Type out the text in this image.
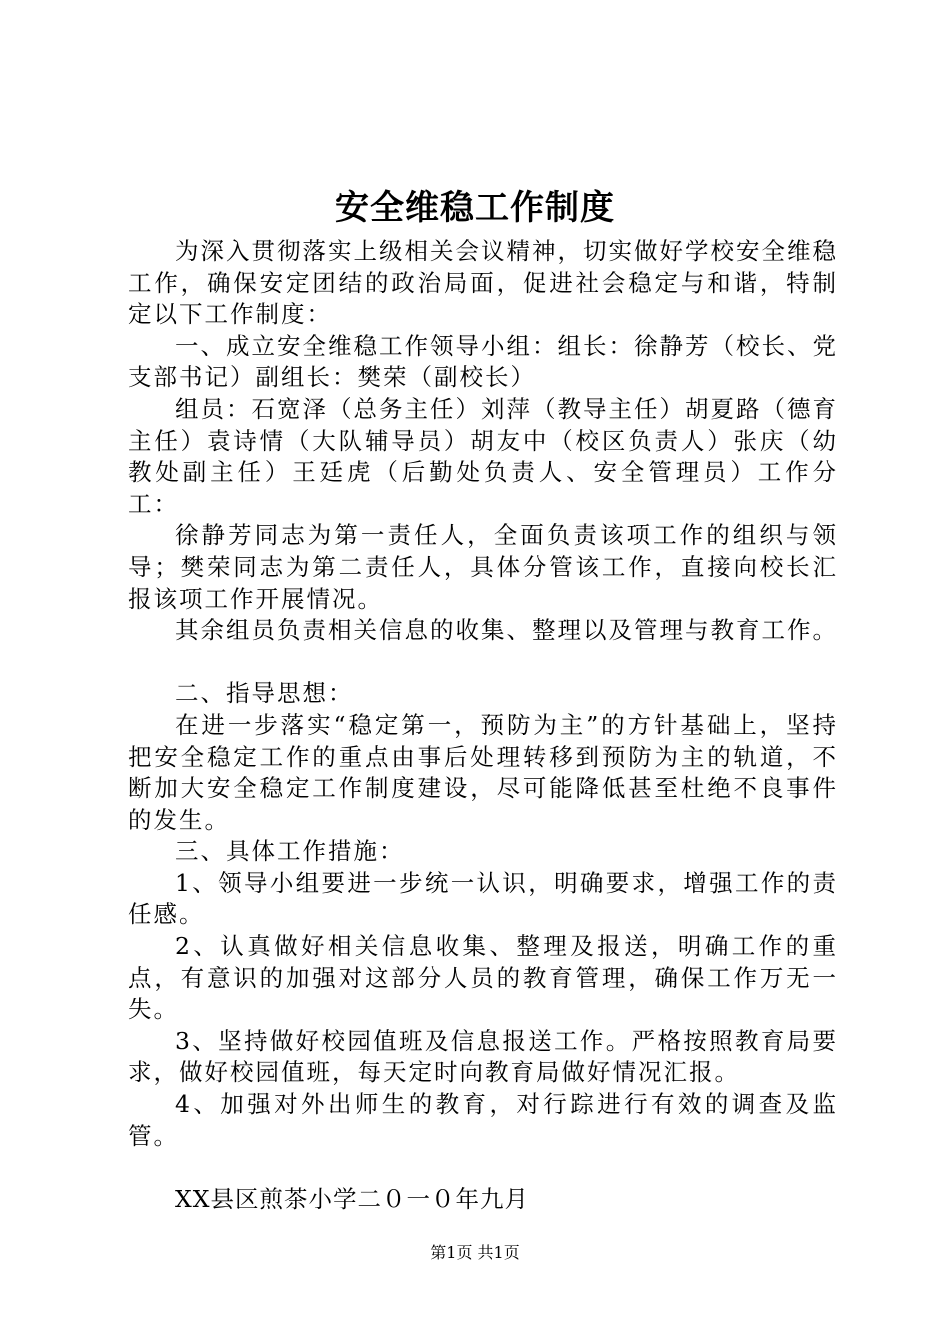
安全维稳工作制度

为深入贯彻落实上级相关会议精神，切实做好学校安全维稳工作，确保安定团结的政治局面，促进社会稳定与和谐，特制定以下工作制度：

一、成立安全维稳工作领导小组：组长：徐静芳（校长、党支部书记）副组长：樊荣（副校长）

组员：石宽泽（总务主任）刘萍（教导主任）胡夏路（德育主任）袁诗情（大队辅导员）胡友中（校区负责人）张庆（幼教处副主任）王廷虎（后勤处负责人、安全管理员）工作分工：

徐静芳同志为第一责任人，全面负责该项工作的组织与领导；樊荣同志为第二责任人，具体分管该工作，直接向校长汇报该项工作开展情况。

其余组员负责相关信息的收集、整理以及管理与教育工作。

二、指导思想：

在进一步落实“稳定第一，预防为主”的方针基础上，坚持把安全稳定工作的重点由事后处理转移到预防为主的轨道，不断加大安全稳定工作制度建设，尽可能降低甚至杜绝不良事件的发生。

三、具体工作措施：

1、领导小组要进一步统一认识，明确要求，增强工作的责任感。

2、认真做好相关信息收集、整理及报送，明确工作的重点，有意识的加强对这部分人员的教育管理，确保工作万无一失。

3、坚持做好校园值班及信息报送工作。严格按照教育局要求，做好校园值班，每天定时向教育局做好情况汇报。

4、加强对外出师生的教育，对行踪进行有效的调查及监管。

XX县区煎茶小学二０一０年九月

第1页 共1页
